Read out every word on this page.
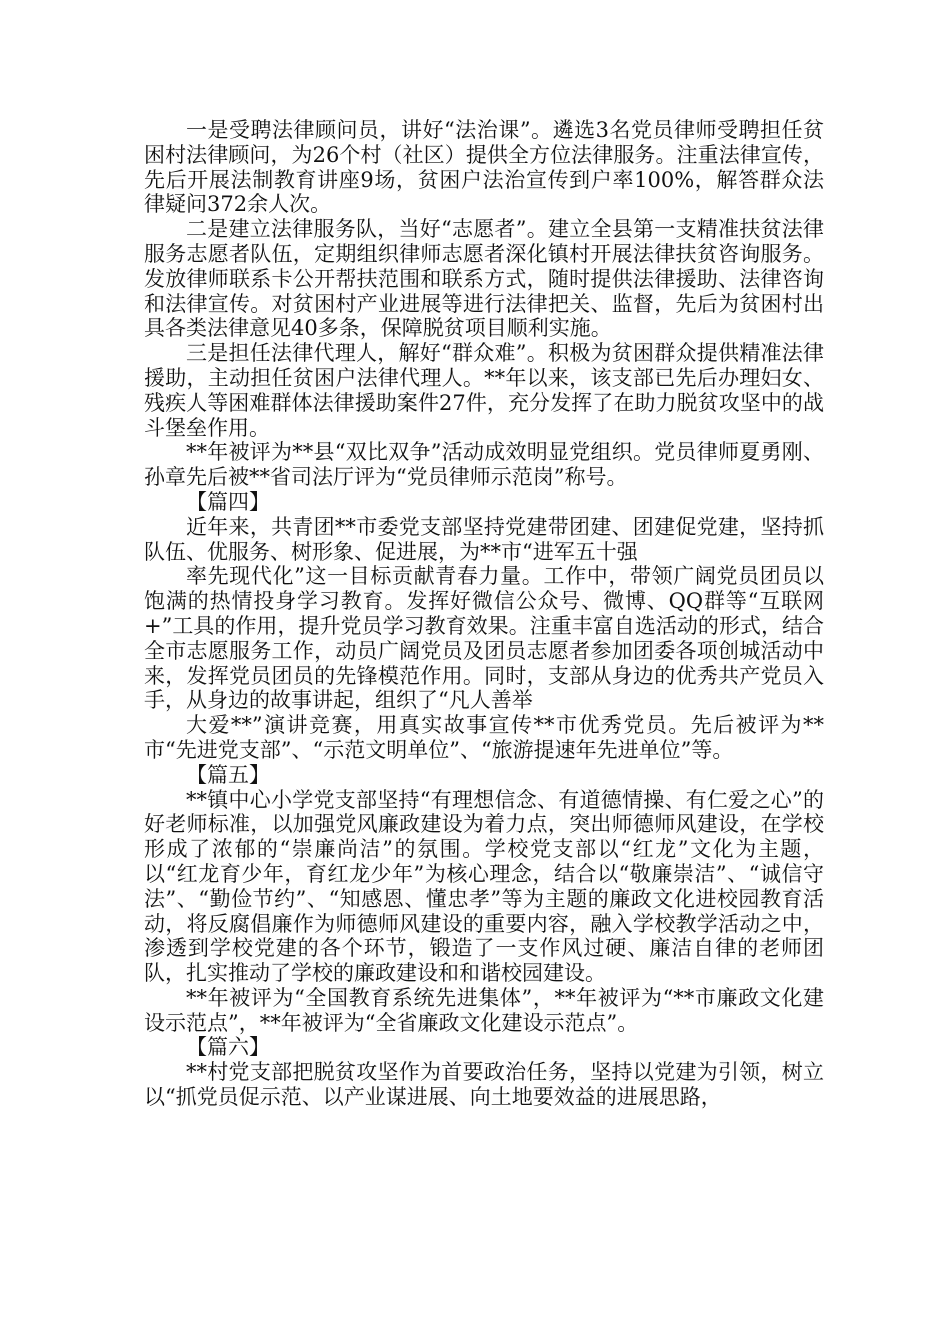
一是受聘法律顾问员，讲好“法治课”。遴选3名党员律师受聘担任贫困村法律顾问，为26个村（社区）提供全方位法律服务。注重法律宣传，先后开展法制教育讲座9场，贫困户法治宣传到户率100%，解答群众法律疑问372余人次。

二是建立法律服务队，当好“志愿者”。建立全县第一支精准扶贫法律服务志愿者队伍，定期组织律师志愿者深化镇村开展法律扶贫咨询服务。发放律师联系卡公开帮扶范围和联系方式，随时提供法律援助、法律咨询和法律宣传。对贫困村产业进展等进行法律把关、监督，先后为贫困村出具各类法律意见40多条，保障脱贫项目顺利实施。

三是担任法律代理人，解好“群众难”。积极为贫困群众提供精准法律援助，主动担任贫困户法律代理人。**年以来，该支部已先后办理妇女、残疾人等困难群体法律援助案件27件，充分发挥了在助力脱贫攻坚中的战斗堡垒作用。

**年被评为**县“双比双争”活动成效明显党组织。党员律师夏勇刚、孙章先后被**省司法厅评为“党员律师示范岗”称号。

【篇四】

近年来，共青团**市委党支部坚持党建带团建、团建促党建，坚持抓队伍、优服务、树形象、促进展，为**市“进军五十强

率先现代化”这一目标贡献青春力量。工作中，带领广阔党员团员以饱满的热情投身学习教育。发挥好微信公众号、微博、QQ群等“互联网+”工具的作用，提升党员学习教育效果。注重丰富自选活动的形式，结合全市志愿服务工作，动员广阔党员及团员志愿者参加团委各项创城活动中来，发挥党员团员的先锋模范作用。同时，支部从身边的优秀共产党员入手，从身边的故事讲起，组织了“凡人善举

大爱**”演讲竞赛，用真实故事宣传**市优秀党员。先后被评为**市“先进党支部”、“示范文明单位”、“旅游提速年先进单位”等。

【篇五】

**镇中心小学党支部坚持“有理想信念、有道德情操、有仁爱之心”的好老师标准，以加强党风廉政建设为着力点，突出师德师风建设，在学校形成了浓郁的“崇廉尚洁”的氛围。学校党支部以“红龙”文化为主题，以“红龙育少年，育红龙少年”为核心理念，结合以“敬廉崇洁”、“诚信守法”、“勤俭节约”、“知感恩、懂忠孝”等为主题的廉政文化进校园教育活动，将反腐倡廉作为师德师风建设的重要内容，融入学校教学活动之中，渗透到学校党建的各个环节，锻造了一支作风过硬、廉洁自律的老师团队，扎实推动了学校的廉政建设和和谐校园建设。

**年被评为“全国教育系统先进集体”，**年被评为“**市廉政文化建设示范点”，**年被评为“全省廉政文化建设示范点”。

【篇六】

**村党支部把脱贫攻坚作为首要政治任务，坚持以党建为引领，树立以“抓党员促示范、以产业谋进展、向土地要效益的进展思路，
